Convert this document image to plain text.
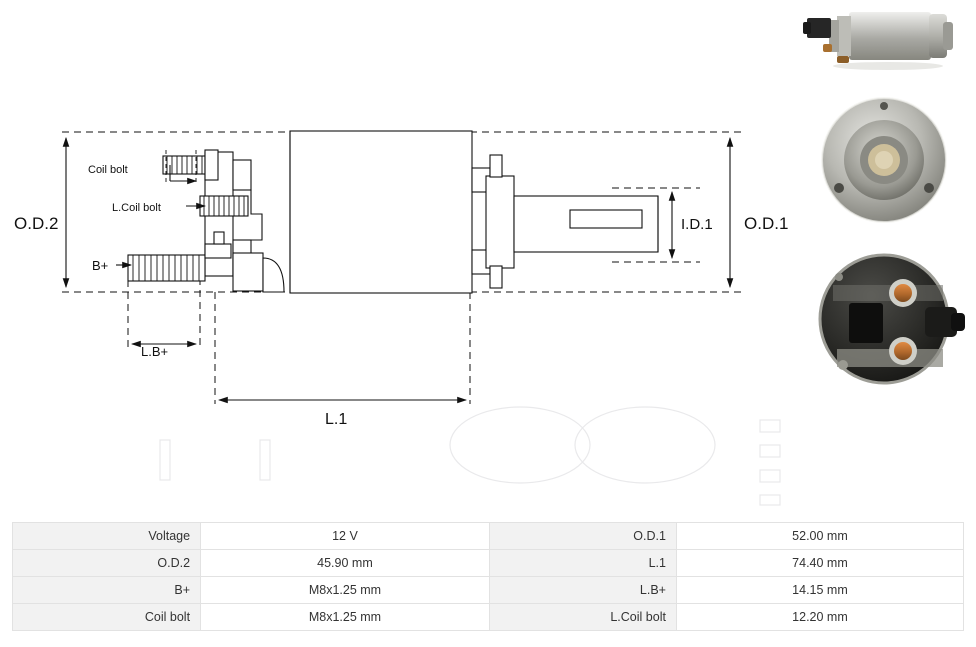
O.D.2	O.D.1
I.D.1
L.1
L.B+
B+
Coil bolt
L.Coil bolt
Voltage	12 V	O.D.1	52.00 mm
O.D.2	45.90 mm	L.1	74.40 mm
B+	M8x1.25 mm	L.B+	14.15 mm
Coil bolt	M8x1.25 mm	L.Coil bolt	12.20 mm
